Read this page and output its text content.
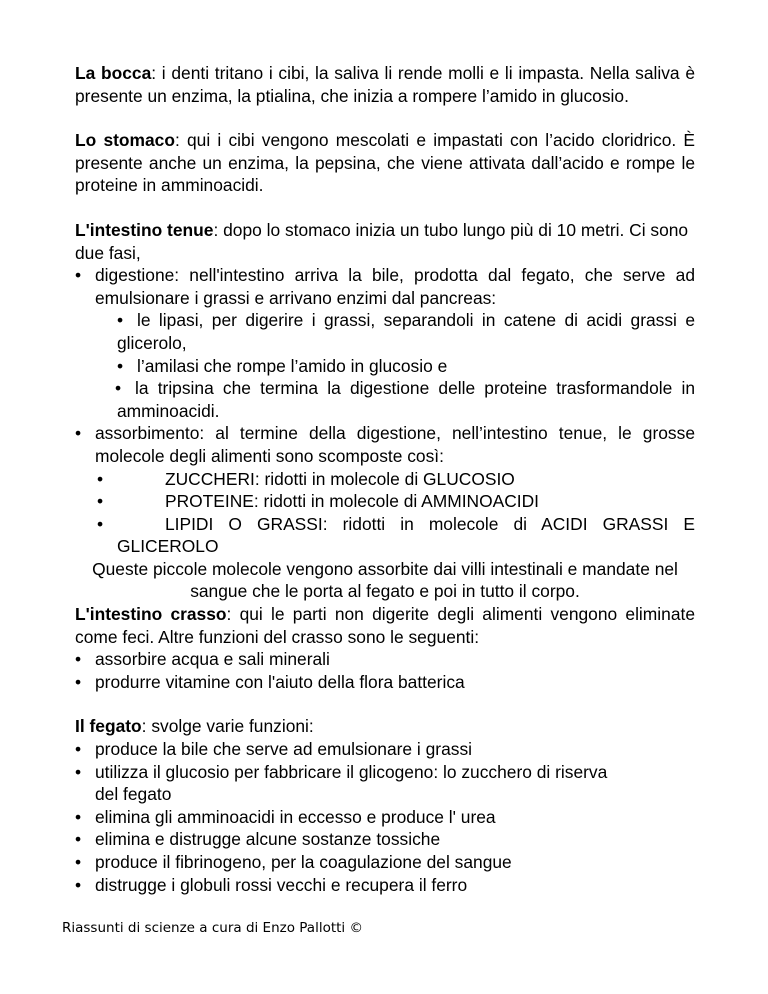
La bocca: i denti tritano i cibi, la saliva li rende molli e li impasta. Nella saliva è presente un enzima, la ptialina, che inizia a rompere l’amido in glucosio.

Lo stomaco: qui i cibi vengono mescolati e impastati con l’acido cloridrico. È presente anche un enzima, la pepsina, che viene attivata dall’acido e rompe le proteine in amminoacidi.

L'intestino tenue: dopo lo stomaco inizia un tubo lungo più di 10 metri. Ci sono due fasi,

• digestione: nell'intestino arriva la bile, prodotta dal fegato, che serve ad emulsionare i grassi e arrivano enzimi dal pancreas:
• le lipasi, per digerire i grassi, separandoli in catene di acidi grassi e glicerolo,
• l’amilasi che rompe l’amido in glucosio e
• la tripsina che termina la digestione delle proteine trasformandole in amminoacidi.
• assorbimento: al termine della digestione, nell’intestino tenue, le grosse molecole degli alimenti sono scomposte così:
• ZUCCHERI: ridotti in molecole di GLUCOSIO
• PROTEINE: ridotti in molecole di AMMINOACIDI
• LIPIDI O GRASSI: ridotti in molecole di ACIDI GRASSI E GLICEROLO

Queste piccole molecole vengono assorbite dai villi intestinali e mandate nel sangue che le porta al fegato e poi in tutto il corpo.

L'intestino crasso: qui le parti non digerite degli alimenti vengono eliminate come feci. Altre funzioni del crasso sono le seguenti:

• assorbire acqua e sali minerali
• produrre vitamine con l'aiuto della flora batterica

Il fegato: svolge varie funzioni:

• produce la bile che serve ad emulsionare i grassi
• utilizza il glucosio per fabbricare il glicogeno: lo zucchero di riserva del fegato
• elimina gli amminoacidi in eccesso e produce l' urea
• elimina e distrugge alcune sostanze tossiche
• produce il fibrinogeno, per la coagulazione del sangue
• distrugge i globuli rossi vecchi e recupera il ferro
Riassunti di scienze a cura di Enzo Pallotti ©
